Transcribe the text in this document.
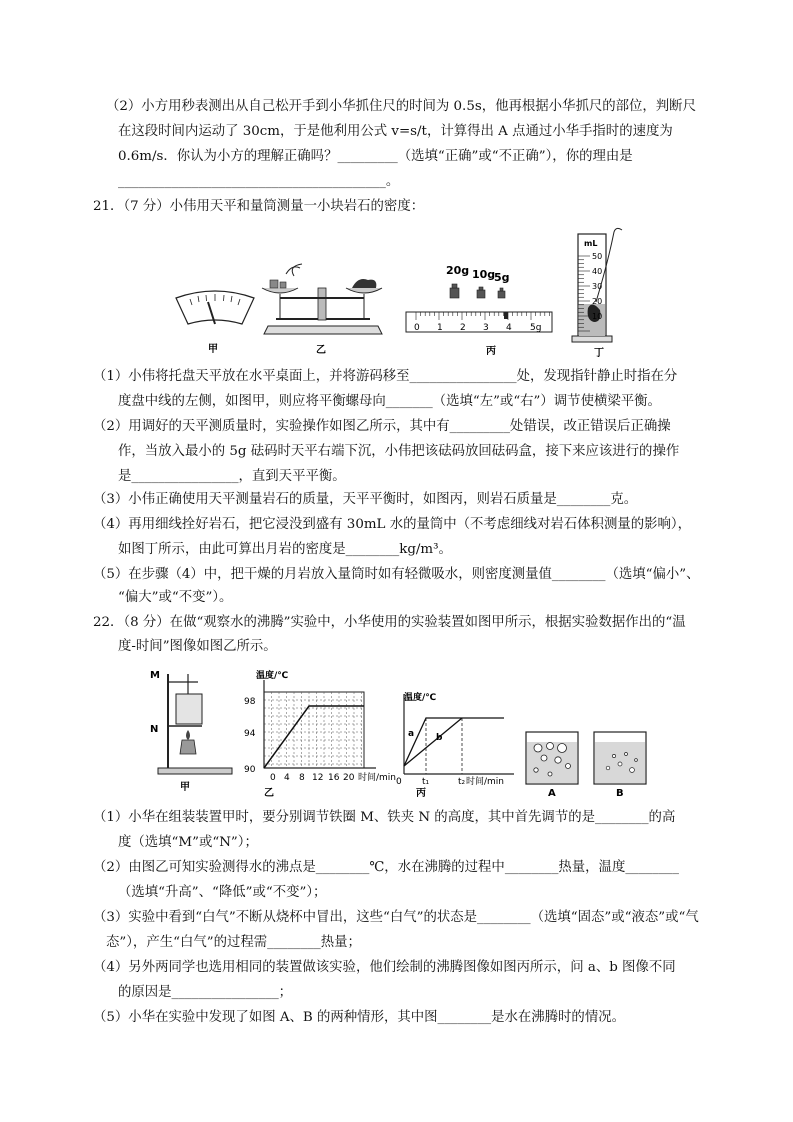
（2）小方用秒表测出从自己松开手到小华抓住尺的时间为 0.5s，他再根据小华抓尺的部位，判断尺
在这段时间内运动了 30cm，于是他利用公式 v=s/t，计算得出 A 点通过小华手指时的速度为
0.6m/s．你认为小方的理解正确吗？_________（选填“正确”或“不正确”），你的理由是
________________________________________。
21．（7 分）小伟用天平和量筒测量一小块岩石的密度：
甲	乙
20g 10g
5g
0 1 2 3 4 5g
丙
mL
50
40
30
20
10
丁
（1）小伟将托盘天平放在水平桌面上，并将游码移至________________处，发现指针静止时指在分
度盘中线的左侧，如图甲，则应将平衡螺母向_______（选填“左”或“右”）调节使横梁平衡。
（2）用调好的天平测质量时，实验操作如图乙所示，其中有_________处错误，改正错误后正确操
作，当放入最小的 5g 砝码时天平右端下沉，小伟把该砝码放回砝码盒，接下来应该进行的操作
是________________，直到天平平衡。
（3）小伟正确使用天平测量岩石的质量，天平平衡时，如图丙，则岩石质量是________克。
（4）再用细线拴好岩石，把它浸没到盛有 30mL 水的量筒中（不考虑细线对岩石体积测量的影响），
如图丁所示，由此可算出月岩的密度是________kg/m³。
（5）在步骤（4）中，把干燥的月岩放入量筒时如有轻微吸水，则密度测量值________（选填“偏小”、
“偏大”或“不变”）。
22．（8 分）在做“观察水的沸腾”实验中，小华使用的实验装置如图甲所示，根据实验数据作出的“温
度-时间”图像如图乙所示。
M
N
甲
温度/℃
时间/min
98
94
90
0 4 8 12 16 20
乙
温度/℃
时间/min
0 t₁	t₂
a b
丙	A	B
（1）小华在组装装置甲时，要分别调节铁圈 M、铁夹 N 的高度，其中首先调节的是________的高
度（选填“M”或“N”）；
（2）由图乙可知实验测得水的沸点是________℃，水在沸腾的过程中________热量，温度________
（选填“升高”、“降低”或“不变”）；
（3）实验中看到“白气”不断从烧杯中冒出，这些“白气”的状态是________（选填“固态”或“液态”或“气
态”），产生“白气”的过程需________热量；
（4）另外两同学也选用相同的装置做该实验，他们绘制的沸腾图像如图丙所示，问 a、b 图像不同
的原因是________________；
（5）小华在实验中发现了如图 A、B 的两种情形，其中图________是水在沸腾时的情况。
